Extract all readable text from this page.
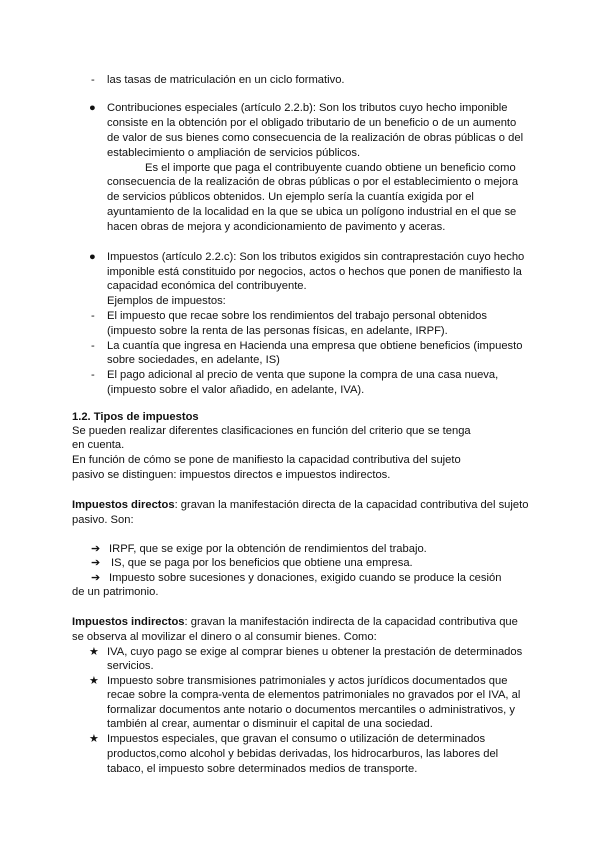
- las tasas de matriculación en un ciclo formativo.
● Contribuciones especiales (artículo 2.2.b): Son los tributos cuyo hecho imponible
consiste en la obtención por el obligado tributario de un beneficio o de un aumento
de valor de sus bienes como consecuencia de la realización de obras públicas o del
establecimiento o ampliación de servicios públicos.
Es el importe que paga el contribuyente cuando obtiene un beneficio como
consecuencia de la realización de obras públicas o por el establecimiento o mejora
de servicios públicos obtenidos. Un ejemplo sería la cuantía exigida por el
ayuntamiento de la localidad en la que se ubica un polígono industrial en el que se
hacen obras de mejora y acondicionamiento de pavimento y aceras.
● Impuestos (artículo 2.2.c): Son los tributos exigidos sin contraprestación cuyo hecho
imponible está constituido por negocios, actos o hechos que ponen de manifiesto la
capacidad económica del contribuyente.
Ejemplos de impuestos:
- El impuesto que recae sobre los rendimientos del trabajo personal obtenidos
(impuesto sobre la renta de las personas físicas, en adelante, IRPF).
- La cuantía que ingresa en Hacienda una empresa que obtiene beneficios (impuesto
sobre sociedades, en adelante, IS)
- El pago adicional al precio de venta que supone la compra de una casa nueva,
(impuesto sobre el valor añadido, en adelante, IVA).
1.2. Tipos de impuestos
Se pueden realizar diferentes clasificaciones en función del criterio que se tenga
en cuenta.
En función de cómo se pone de manifiesto la capacidad contributiva del sujeto
pasivo se distinguen: impuestos directos e impuestos indirectos.
Impuestos directos: gravan la manifestación directa de la capacidad contributiva del sujeto
pasivo. Son:
➔ IRPF, que se exige por la obtención de rendimientos del trabajo.
➔ IS, que se paga por los beneficios que obtiene una empresa.
➔ Impuesto sobre sucesiones y donaciones, exigido cuando se produce la cesión
de un patrimonio.
Impuestos indirectos: gravan la manifestación indirecta de la capacidad contributiva que
se observa al movilizar el dinero o al consumir bienes. Como:
★ IVA, cuyo pago se exige al comprar bienes u obtener la prestación de determinados
servicios.
★ Impuesto sobre transmisiones patrimoniales y actos jurídicos documentados que
recae sobre la compra-venta de elementos patrimoniales no gravados por el IVA, al
formalizar documentos ante notario o documentos mercantiles o administrativos, y
también al crear, aumentar o disminuir el capital de una sociedad.
★ Impuestos especiales, que gravan el consumo o utilización de determinados
productos,como alcohol y bebidas derivadas, los hidrocarburos, las labores del
tabaco, el impuesto sobre determinados medios de transporte.
